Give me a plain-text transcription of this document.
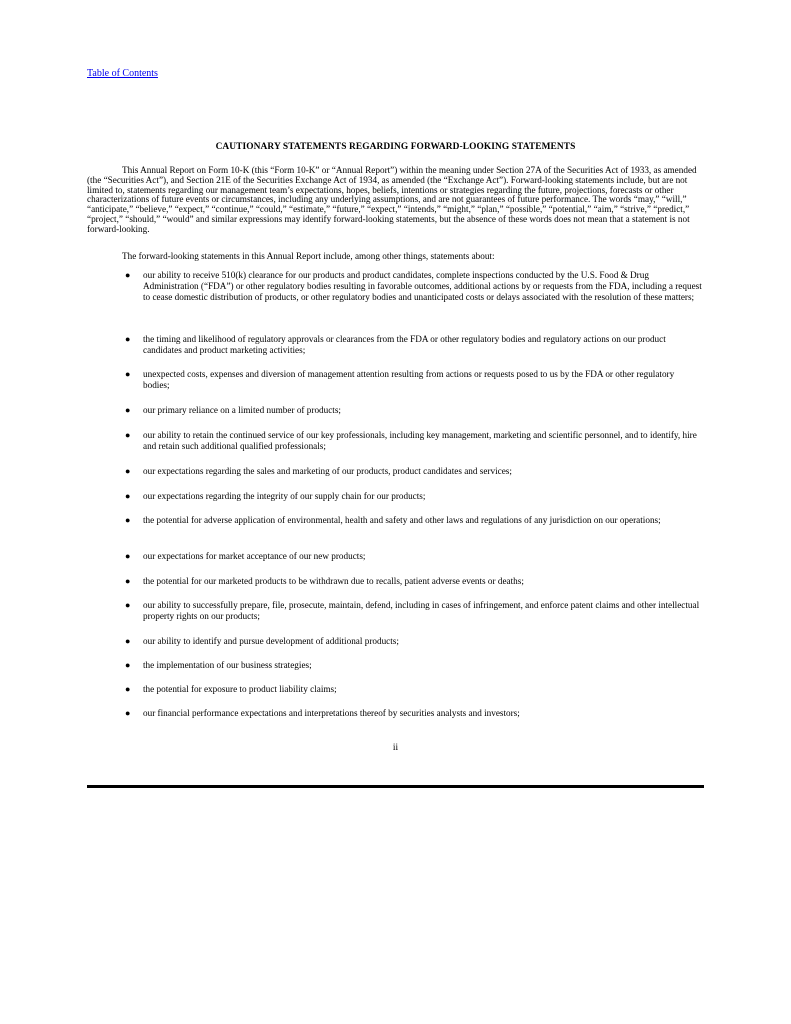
Table of Contents
CAUTIONARY STATEMENTS REGARDING FORWARD-LOOKING STATEMENTS

This Annual Report on Form 10-K (this “Form 10-K” or “Annual Report”) within the meaning under Section 27A of the Securities Act of 1933, as amended (the “Securities Act”), and Section 21E of the Securities Exchange Act of 1934, as amended (the “Exchange Act”). Forward-looking statements include, but are not limited to, statements regarding our management team’s expectations, hopes, beliefs, intentions or strategies regarding the future, projections, forecasts or other characterizations of future events or circumstances, including any underlying assumptions, and are not guarantees of future performance. The words “may,” “will,” “anticipate,” “believe,” “expect,” “continue,” “could,” “estimate,” “future,” “expect,” “intends,” “might,” “plan,” “possible,” “potential,” “aim,” “strive,” “predict,” “project,” “should,” “would” and similar expressions may identify forward-looking statements, but the absence of these words does not mean that a statement is not forward-looking.

The forward-looking statements in this Annual Report include, among other things, statements about:

● our ability to receive 510(k) clearance for our products and product candidates, complete inspections conducted by the U.S. Food & Drug Administration (“FDA”) or other regulatory bodies resulting in favorable outcomes, additional actions by or requests from the FDA, including a request to cease domestic distribution of products, or other regulatory bodies and unanticipated costs or delays associated with the resolution of these matters;
● the timing and likelihood of regulatory approvals or clearances from the FDA or other regulatory bodies and regulatory actions on our product candidates and product marketing activities;
● unexpected costs, expenses and diversion of management attention resulting from actions or requests posed to us by the FDA or other regulatory bodies;
● our primary reliance on a limited number of products;
● our ability to retain the continued service of our key professionals, including key management, marketing and scientific personnel, and to identify, hire and retain such additional qualified professionals;
● our expectations regarding the sales and marketing of our products, product candidates and services;
● our expectations regarding the integrity of our supply chain for our products;
● the potential for adverse application of environmental, health and safety and other laws and regulations of any jurisdiction on our operations;
● our expectations for market acceptance of our new products;
● the potential for our marketed products to be withdrawn due to recalls, patient adverse events or deaths;
● our ability to successfully prepare, file, prosecute, maintain, defend, including in cases of infringement, and enforce patent claims and other intellectual property rights on our products;
● our ability to identify and pursue development of additional products;
● the implementation of our business strategies;
● the potential for exposure to product liability claims;
● our financial performance expectations and interpretations thereof by securities analysts and investors;
ii
